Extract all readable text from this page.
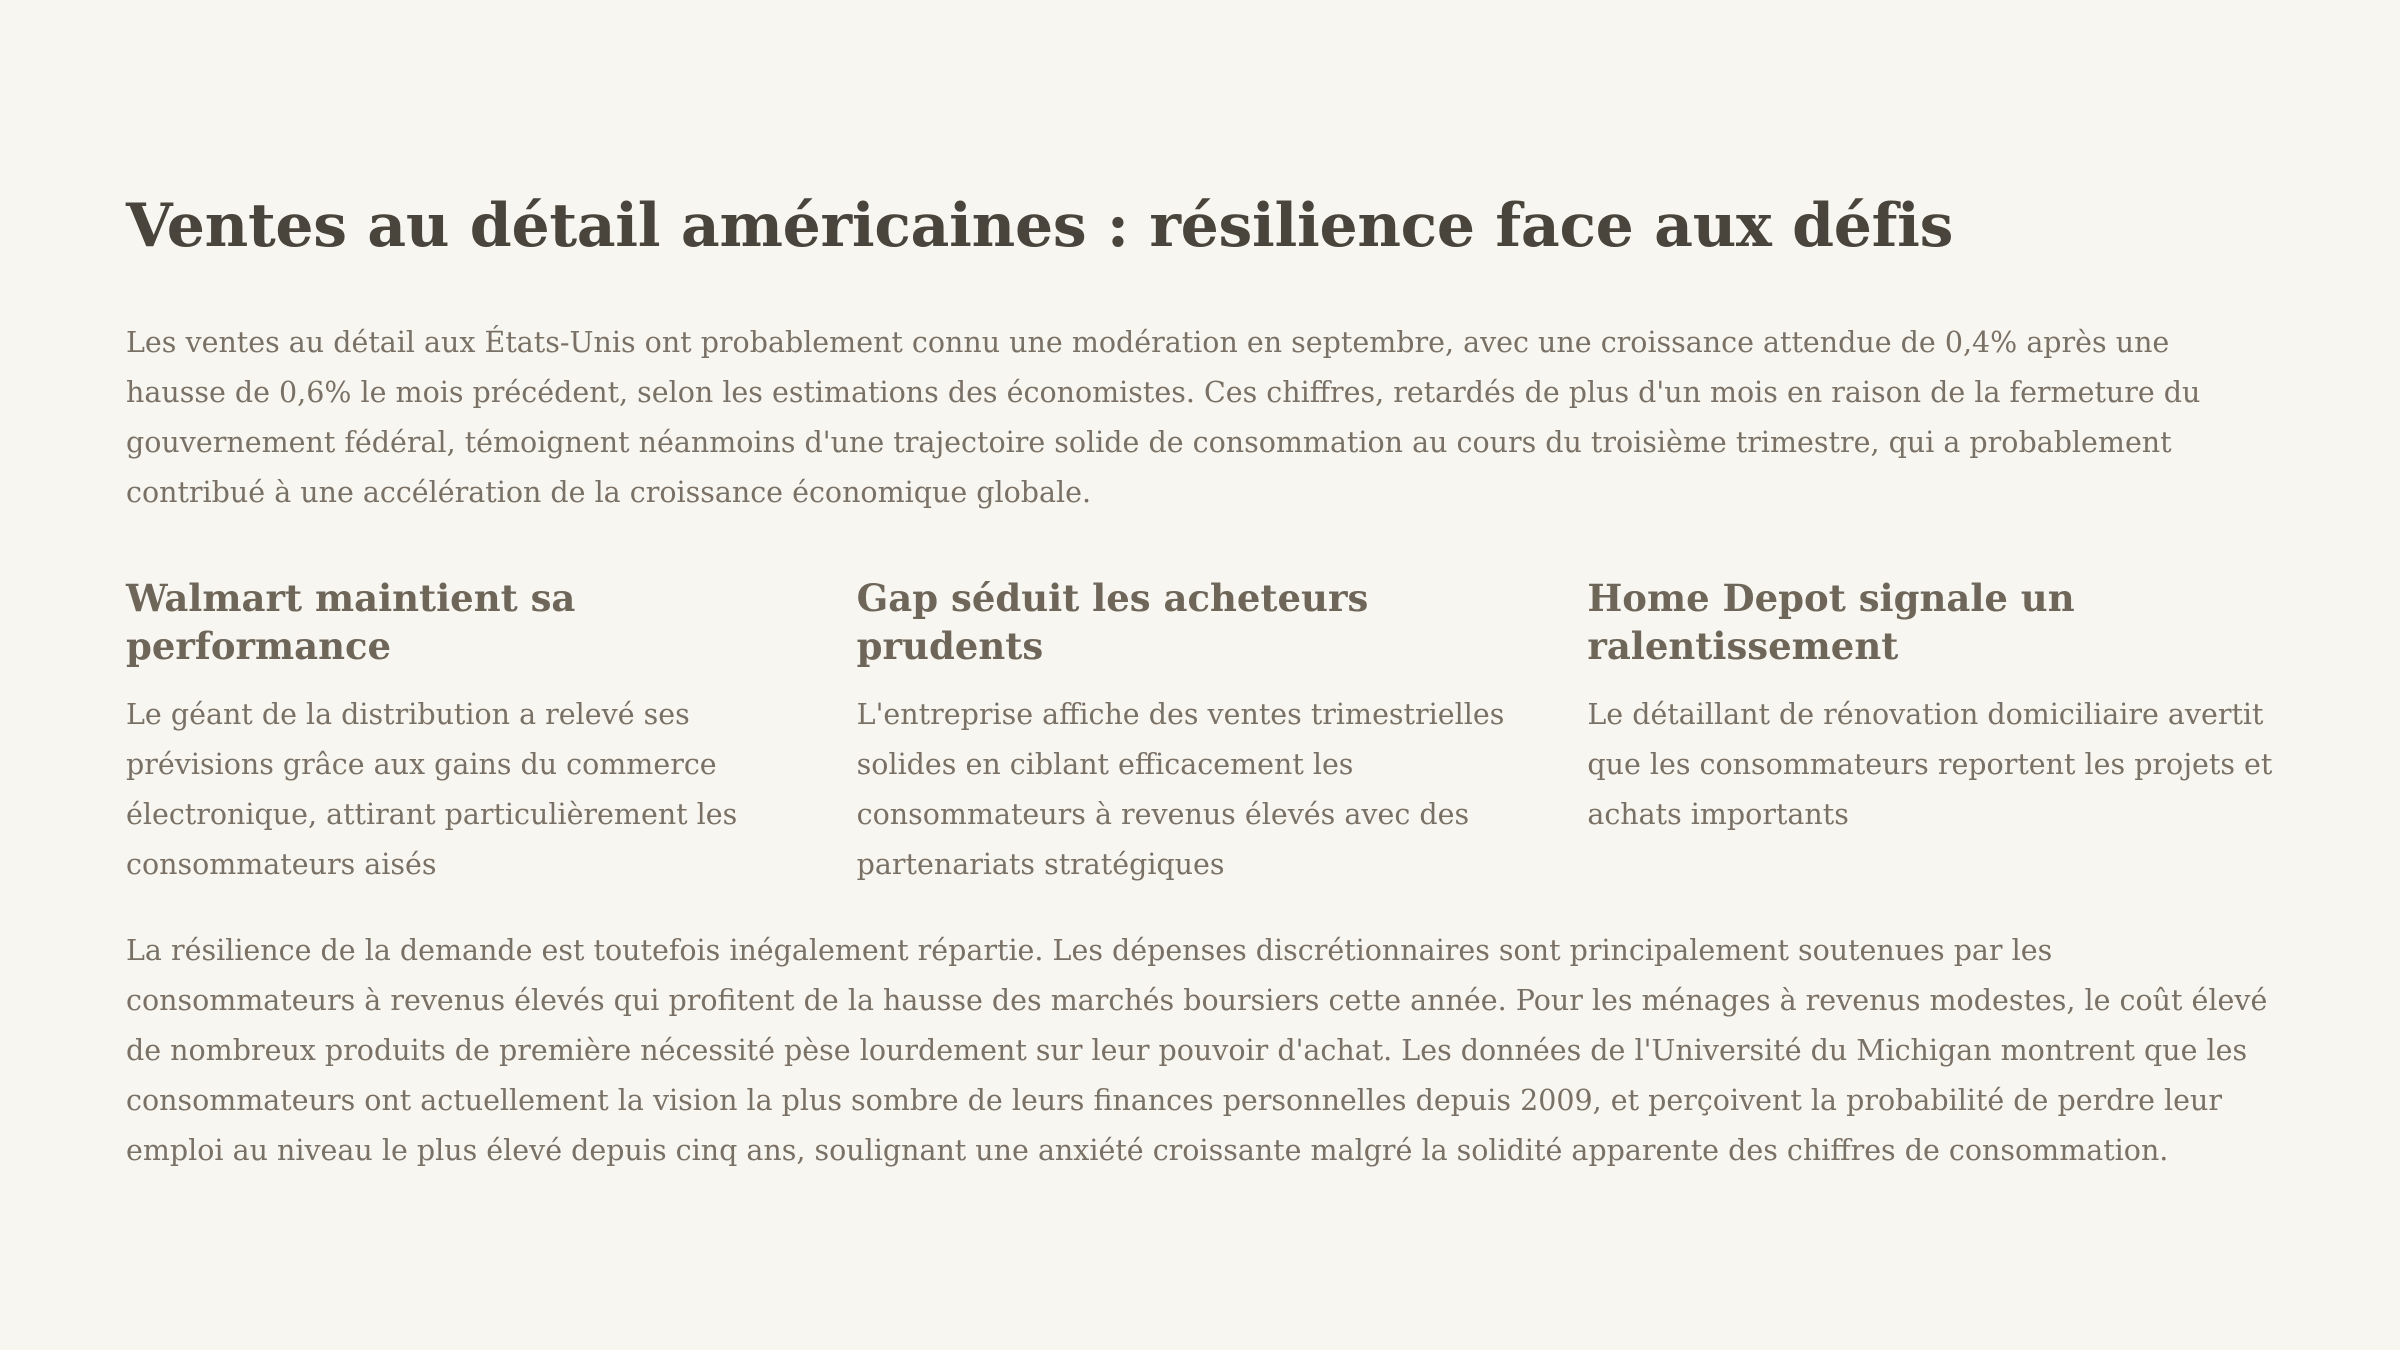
Ventes au détail américaines : résilience face aux défis

Les ventes au détail aux États-Unis ont probablement connu une modération en septembre, avec une croissance attendue de 0,4% après une hausse de 0,6% le mois précédent, selon les estimations des économistes. Ces chiffres, retardés de plus d'un mois en raison de la fermeture du gouvernement fédéral, témoignent néanmoins d'une trajectoire solide de consommation au cours du troisième trimestre, qui a probablement contribué à une accélération de la croissance économique globale.

Walmart maintient sa performance

Le géant de la distribution a relevé ses prévisions grâce aux gains du commerce électronique, attirant particulièrement les consommateurs aisés

Gap séduit les acheteurs prudents

L'entreprise affiche des ventes trimestrielles solides en ciblant efficacement les consommateurs à revenus élevés avec des partenariats stratégiques

Home Depot signale un ralentissement

Le détaillant de rénovation domiciliaire avertit que les consommateurs reportent les projets et achats importants

La résilience de la demande est toutefois inégalement répartie. Les dépenses discrétionnaires sont principalement soutenues par les consommateurs à revenus élevés qui profitent de la hausse des marchés boursiers cette année. Pour les ménages à revenus modestes, le coût élevé de nombreux produits de première nécessité pèse lourdement sur leur pouvoir d'achat. Les données de l'Université du Michigan montrent que les consommateurs ont actuellement la vision la plus sombre de leurs finances personnelles depuis 2009, et perçoivent la probabilité de perdre leur emploi au niveau le plus élevé depuis cinq ans, soulignant une anxiété croissante malgré la solidité apparente des chiffres de consommation.
